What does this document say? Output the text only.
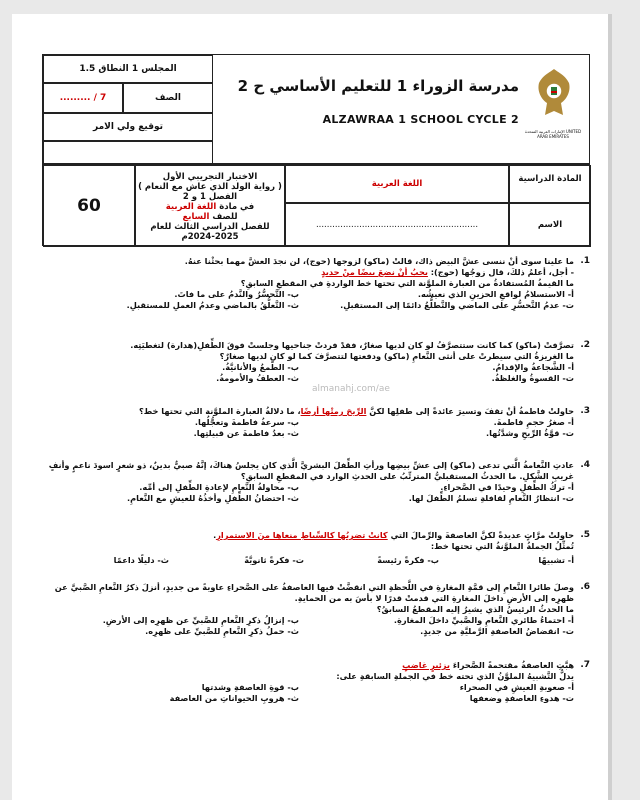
المجلس 1 النطاق 1.5
......... / 7	الصف
توقيع ولي الامر
مدرسة الزوراء 1 للتعليم الأساسي ح 2
ALZAWRAA 1 SCHOOL CYCLE 2
الإمارات العربية المتحدة UNITED ARAB EMIRATES
60
الاختبار التجريبي الأول
( رواية الولد الذي عاش مع النعام )
الفصل 1 و 2
في مادة اللغة العربية
للصف السابع
للفصل الدراسي الثالث للعام
2024-2025م
اللغة العربية	المادة الدراسية
............................................................	الاسم
1.
ما علينا سوى أنْ ننسى عشَّ البيض ذاك، قالتْ (ماكو) لزوجها (حوج)، لن نجدَ العشَّ مهما بحثْنا عنهُ.
- أجل، أعلمُ ذلكَ، قال زوجُها (حوج): يجبُ أنْ نضعَ بيضًا منْ جديدٍ
ما القيمةُ المُستفادةُ من العبارة الملوَّنة التي تحتها خط الواردةِ في المقطعِ السابقِ؟
أ- الاستسلامُ لواقعِ الحزينِ الذي نعيشُه.
ب- التَّحسُّرُ والنَّدمُ على ما فاتَ.
ت- عدمُ التَّحسُّرِ على الماضي والتَّطلُّعُ دائمًا إلى المستقبلِ.
ث- التَّعلُّقُ بالماضي وعدمُ العملِ للمستقبلِ.
2.
تصرَّفتْ (ماكو) كما كانت ستتصرَّفُ لو كان لديها صغارٌ، فقدْ فردتْ جناحيها وجلستْ فوقَ الطِّفلِ(هدارة) لتغطيَتِه.
ما الغريزةُ التي سيطرتْ على أنثى النَّعامِ (ماكو) ودفعتها لتتصرَّفَ كما لو كان لديها صغارٌ؟
أ- الشَّجاعةُ والإقدامُ.
ب- الطَّمعُ والأنانيَّةُ.
ت- القسوةُ والغلظةُ.
ث- العطفُ والأمومةُ.
almanahj.com/ae
3.
حاولتْ فاطمةُ أنْ تقفَ وتسيرَ عائدةً إلى طفلِها لكنَّ الرِّيحَ رمتْها أرضًا، ما دلالةُ العبارة الملوَّنة التي تحتها خط؟
أ- صغرُ حجمِ فاطمةَ.
ب- سرعةُ فاطمةَ وتعجُّلُها.
ت- قوَّةُ الرِّيحِ وشدَّتُها.
ث- بعدُ فاطمةَ عن قبيلتِها.
4.
عادتِ النَّعامةُ الَّتي تدعى (ماكو) إلى عشِّ بيضِها ورأتِ الطِّفلَ البشريَّ الَّذي كان يجلسُ هناكَ، إنَّهُ صبيٌّ بدينٌ، ذو شعرٍ اسودَ ناعمٍ وأنفٍ غريبِ الشَّكلِ. ما الحدثُ المستقبليُّ المترتِّبُ على الحدثِ الوارد في المقطعِ السابقِ؟
أ- تركُ الطِّفلِ وحيدًا في الصَّحراءِ.
ب- محاولةُ النَّعامِ لإعادةِ الطِّفلِ إلى أمِّه.
ت- انتظارُ النَّعامِ لقافلةِ تسلمُ الطِّفلَ لها.
ث- احتضانُ الطِّفلِ وأخذُهُ للعيشِ مع النَّعامِ.
5.
حاولتْ مرَّاتٍ عديدةً لكنَّ العاصفةَ والرِّمالَ التي كانتْ تضربُها كالسِّياطِ منعاها منَ الاستمرارِ.
تُمثِّلُ الجملةُ الملوَّنةُ التي تحتها خط:
أ- تشبيهًا
ب- فكرةً رئيسةً
ت- فكرةً ثانويَّةً
ث- دليلًا داعمًا
6.
وصلَ طائرا النَّعامِ إلى قمَّةِ المغارةِ في اللَّحظةِ التي انقضَّتْ فيها العاصفةُ على الصَّحراءِ عاويةً من جديدٍ، أنزلَ ذكرُ النَّعامِ الصَّبيَّ عن ظهرِه إلى الأرضِ داخلَ المغارةِ التي قدمتْ قدرًا لا بأسَ به من الحمايةِ.
ما الحدثُ الرئيسُ الذي يشيرُ إليه المقطعُ السابقُ؟
أ- احتماءُ طائري النَّعامِ والصَّبيِّ داخلَ المغارةِ.
ب- إنزالُ ذكرِ النَّعامِ للصَّبيِّ عن ظهرِه إلى الأرضِ.
ت- انقضاضُ العاصفةِ الرَّمليَّةِ من جديدٍ.
ث- حملُ ذكرِ النَّعامِ للصَّبيِّ على ظهرِه.
7.
هبَّتِ العاصفةُ مقتحمةً الصَّحراءَ بزئيرٍ غاضبٍ
يدلُّ التَّشبيهُ الملوَّنُ الذي تحته خط في الجملةِ السابقةِ على:
أ- صعوبةِ العيشِ في الصحراء
ب- قوةِ العاصفةِ وشدتها
ت- هدوءِ العاصفةِ وضعفها
ث- هروبِ الحيواناتِ من العاصفة
